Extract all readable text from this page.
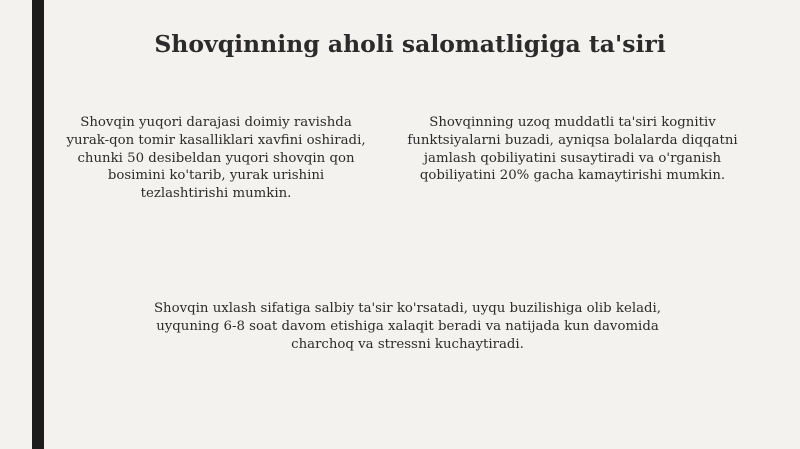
Shovqinning aholi salomatligiga ta'siri
Shovqin yuqori darajasi doimiy ravishda yurak-qon tomir kasalliklari xavfini oshiradi, chunki 50 desibeldan yuqori shovqin qon bosimini ko'tarib, yurak urishini tezlashtirishi mumkin.
Shovqinning uzoq muddatli ta'siri kognitiv funktsiyalarni buzadi, ayniqsa bolalarda diqqatni jamlash qobiliyatini susaytiradi va o'rganish qobiliyatini 20% gacha kamaytirishi mumkin.
Shovqin uxlash sifatiga salbiy ta'sir ko'rsatadi, uyqu buzilishiga olib keladi, uyquning 6-8 soat davom etishiga xalaqit beradi va natijada kun davomida charchoq va stressni kuchaytiradi.
